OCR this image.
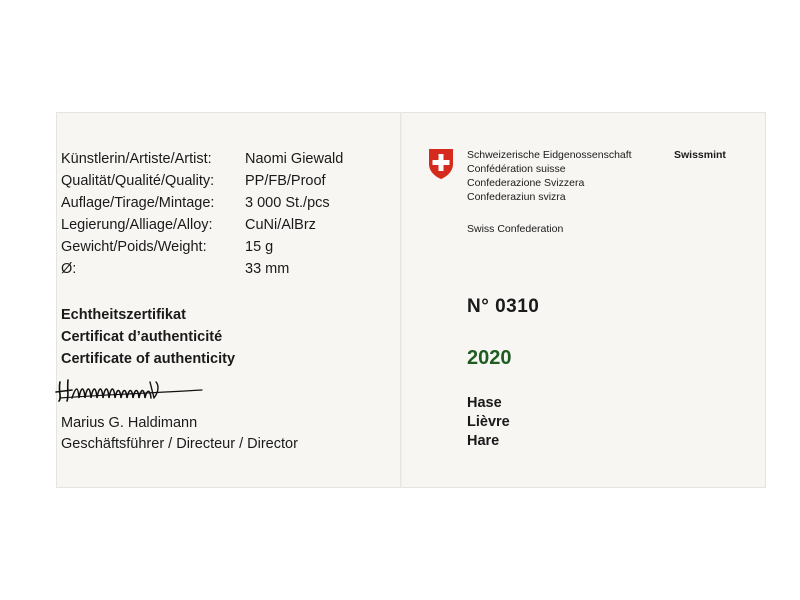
Künstlerin/Artiste/Artist:	Naomi Giewald
Qualität/Qualité/Quality:	PP/FB/Proof
Auflage/Tirage/Mintage:	3 000 St./pcs
Legierung/Alliage/Alloy:	CuNi/AlBrz
Gewicht/Poids/Weight:	15 g
Ø:	33 mm
Echtheitszertifikat
Certificat d’authenticité
Certificate of authenticity
Marius G. Haldimann
Geschäftsführer / Directeur / Director
Schweizerische Eidgenossenschaft
Confédération suisse
Confederazione Svizzera
Confederaziun svizra
Swissmint
Swiss Confederation
N° 0310
2020
Hase
Lièvre
Hare
